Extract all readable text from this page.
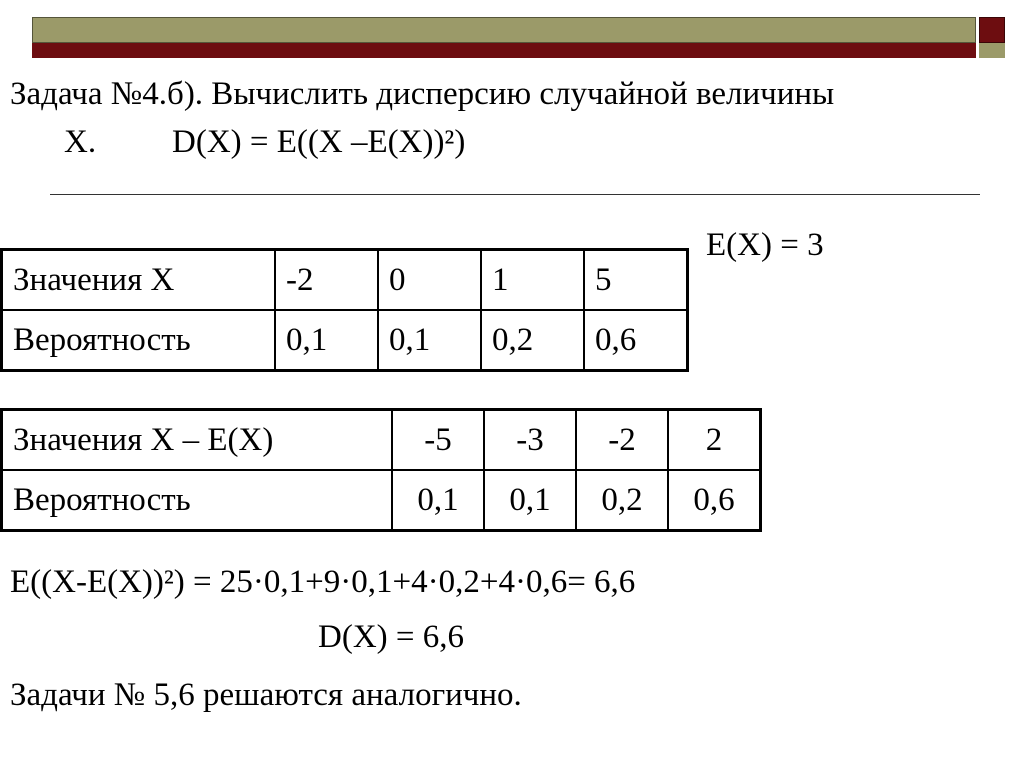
Задача №4.б). Вычислить дисперсию случайной величины
X. D(X) = E((X –E(X))²)
E(X) = 3
Значения X	-2	0	1	5
Вероятность	0,1	0,1	0,2	0,6
Значения X – E(X)	-5	-3	-2	2
Вероятность	0,1	0,1	0,2	0,6
E((X-E(X))²) = 25·0,1+9·0,1+4·0,2+4·0,6= 6,6
D(X) = 6,6
Задачи № 5,6 решаются аналогично.
